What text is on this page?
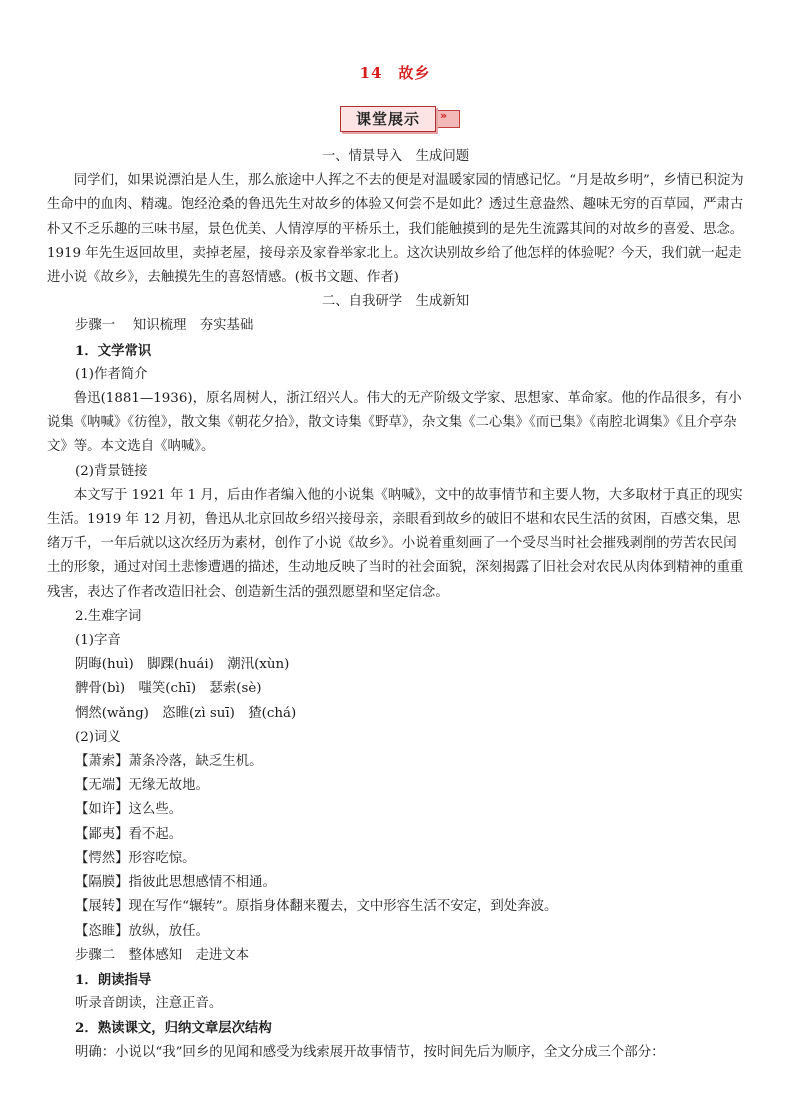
14　故乡
»
课堂展示

一、情景导入　生成问题

同学们，如果说漂泊是人生，那么旅途中人挥之不去的便是对温暖家园的情感记忆。“月是故乡明”，乡情已积淀为生命中的血肉、精魂。饱经沧桑的鲁迅先生对故乡的体验又何尝不是如此？透过生意盎然、趣味无穷的百草园，严肃古朴又不乏乐趣的三味书屋，景色优美、人情淳厚的平桥乐土，我们能触摸到的是先生流露其间的对故乡的喜爱、思念。1919 年先生返回故里，卖掉老屋，接母亲及家眷举家北上。这次诀别故乡给了他怎样的体验呢？今天，我们就一起走进小说《故乡》，去触摸先生的喜怒情感。(板书文题、作者)

二、自我研学　生成新知

步骤一　 知识梳理　夯实基础

1．文学常识

(1)作者简介

鲁迅(1881—1936)，原名周树人，浙江绍兴人。伟大的无产阶级文学家、思想家、革命家。他的作品很多，有小说集《呐喊》《彷徨》，散文集《朝花夕拾》，散文诗集《野草》，杂文集《二心集》《而已集》《南腔北调集》《且介亭杂文》等。本文选自《呐喊》。

(2)背景链接

本文写于 1921 年 1 月，后由作者编入他的小说集《呐喊》，文中的故事情节和主要人物，大多取材于真正的现实生活。1919 年 12 月初，鲁迅从北京回故乡绍兴接母亲，亲眼看到故乡的破旧不堪和农民生活的贫困，百感交集，思绪万千，一年后就以这次经历为素材，创作了小说《故乡》。小说着重刻画了一个受尽当时社会摧残剥削的劳苦农民闰土的形象，通过对闰土悲惨遭遇的描述，生动地反映了当时的社会面貌，深刻揭露了旧社会对农民从肉体到精神的重重残害，表达了作者改造旧社会、创造新生活的强烈愿望和坚定信念。

2.生难字词

(1)字音

阴晦(huì)　脚踝(huái)　潮汛(xùn)

髀骨(bì)　嗤笑(chī)　瑟索(sè)

惘然(wǎng)　恣睢(zì suī)　猹(chá)

(2)词义

【萧索】萧条冷落，缺乏生机。

【无端】无缘无故地。

【如许】这么些。

【鄙夷】看不起。

【愕然】形容吃惊。

【隔膜】指彼此思想感情不相通。

【展转】现在写作“辗转”。原指身体翻来覆去，文中形容生活不安定，到处奔波。

【恣睢】放纵，放任。

步骤二　整体感知　走进文本

1．朗读指导

听录音朗读，注意正音。

2．熟读课文，归纳文章层次结构

明确：小说以“我”回乡的见闻和感受为线索展开故事情节，按时间先后为顺序，全文分成三个部分：
